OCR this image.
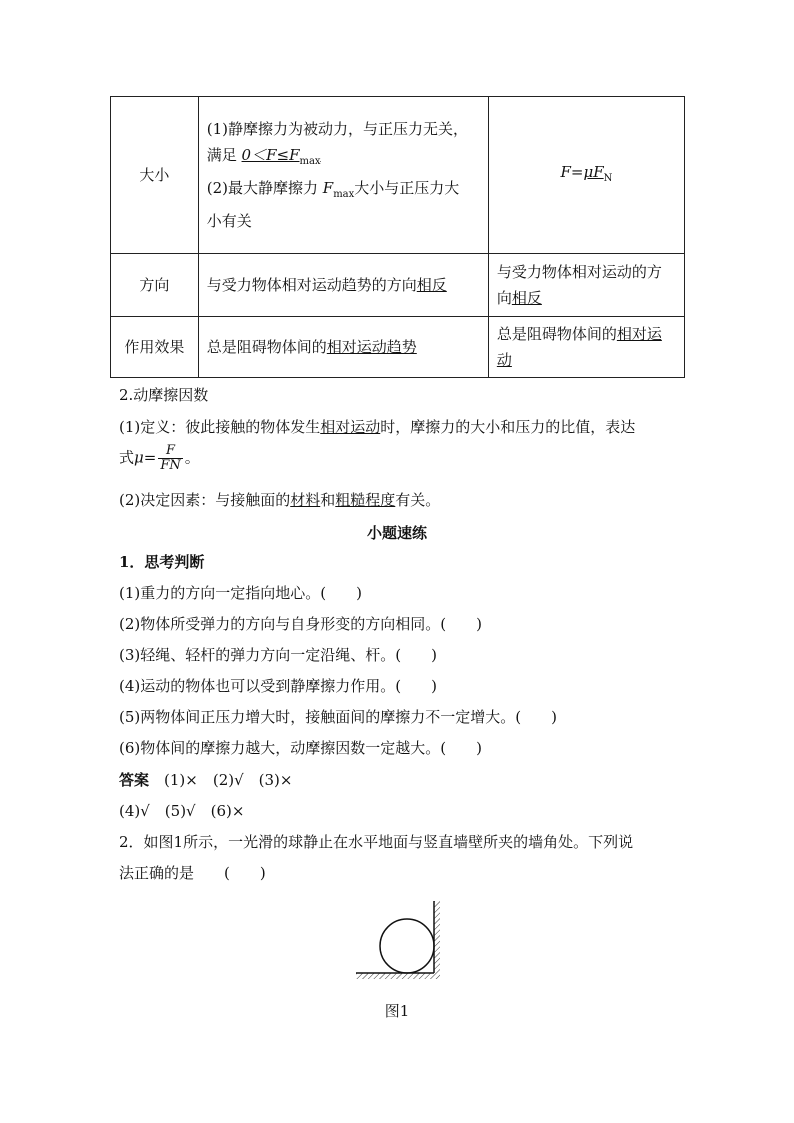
大小	(1)静摩擦力为被动力，与正压力无关，
满足 $0<F\le F_{max}$
(2)最大静摩擦力 $F_{max}$大小与正压力大
小有关	$F=\mu F_N$
方向	与受力物体相对运动趋势的方向相反	与受力物体相对运动的方
向相反

作用效果	总是阻碍物体间的相对运动趋势	总是阻碍物体间的相对运
动
2.动摩擦因数
(1)定义：彼此接触的物体发生相对运动时，摩擦力的大小和压力的比值，表达
式$\mu= \frac{F}{FN}$ 。
(2)决定因素：与接触面的材料和粗糙程度有关。
小题速练
1．思考判断
(1)重力的方向一定指向地心。(　　)
(2)物体所受弹力的方向与自身形变的方向相同。(　　)
(3)轻绳、轻杆的弹力方向一定沿绳、杆。(　　)
(4)运动的物体也可以受到静摩擦力作用。(　　)
(5)两物体间正压力增大时，接触面间的摩擦力不一定增大。(　　)
(6)物体间的摩擦力越大，动摩擦因数一定越大。(　　)
答案　 (1)×　(2)√　(3)×
(4)√　(5)√　(6)×
2．如图1所示，一光滑的球静止在水平地面与竖直墙壁所夹的墙角处。下列说
法正确的是　　(　　)
图1
